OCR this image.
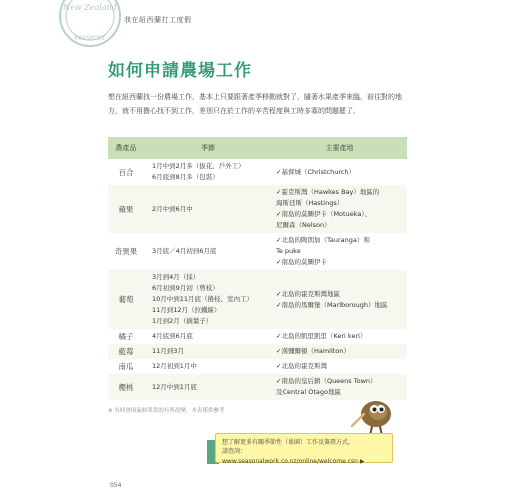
New Zealand
PASSPORT
我在紐西蘭打工度假
如何申請農場工作
想在紐西蘭找一份農場工作，基本上只要跟著產季移動就對了，隨著水果產季來臨，前往對的地方，就不用擔心找不到工作，差別只在於工作的辛苦程度與工時多寡的問題罷了。
農產品	季節	主要產地
百合	1月中到2月多（拔花、戶外工）
6月底到8月多（包裝）	✓基督城（Christchurch）

蘋果	2月中到6月中	✓霍克斯灣（Hawkes Bay）地區的
海斯廷斯（Hastings）
✓南島的莫圖伊卡（Motueka）、
尼爾森（Nelson）

奇異果	3月底／4月初到6月底	✓北島的陶朗加（Tauranga）和
Te puke
✓南島的莫圖伊卡

葡萄	3月到4月（採）
6月初到9月初（剪枝）
10月中到11月底（捲枝、室內工）
11月到12月（拉鐵線）
1月到2月（摘葉子）	✓北島的霍克斯灣地區
✓南島的馬爾堡（Marlborough）地區

橘子	4月底到6月底	✓北島的凱里凱里（Keri keri）

藍莓	11月到3月	✓漢彌爾頓（Hamilton）

南瓜	12月初到1月中	✓北島的霍克斯灣

櫻桃	12月中到1月底	✓南島的皇后鎮（Queens Town）
及Central Otago地區
※ 有時會因氣候異常的有所改變，本表僅供參考
想了解更多有關季節性（果園）工作及簽證方式，
請查詢：
www.seasonalwork.co.nz/online/welcome.csn ▶
054
